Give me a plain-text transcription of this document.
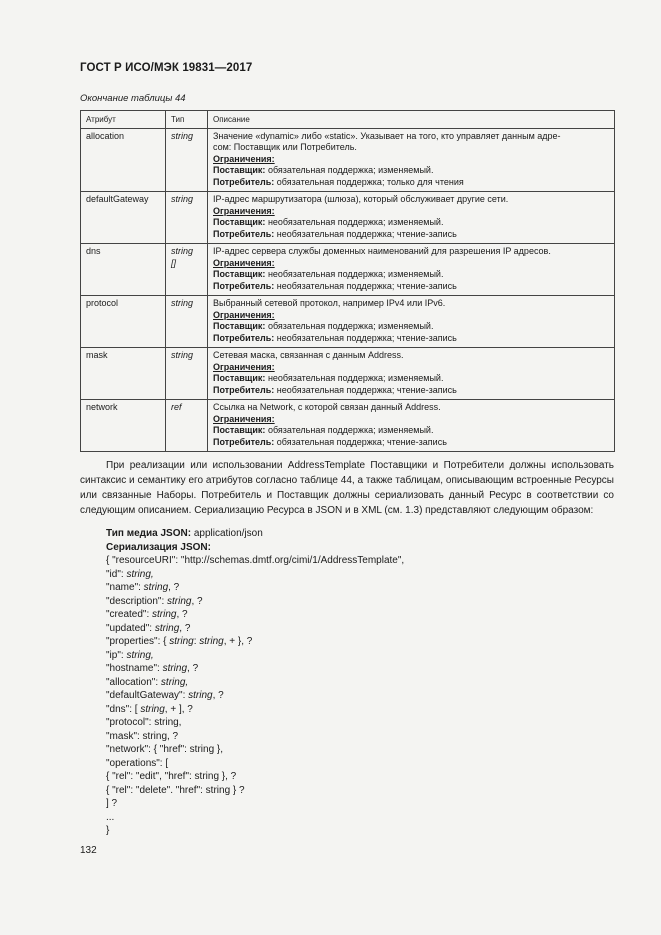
ГОСТ Р ИСО/МЭК 19831—2017
Окончание таблицы 44
Атрибут	Тип	Описание
allocation	string	Значение «dynamic» либо «static». Указывает на того, кто управляет данным адре-
сом: Поставщик или Потребитель.
Ограничения:
Поставщик: обязательная поддержка; изменяемый.
Потребитель: обязательная поддержка; только для чтения

defaultGateway	string	IP-адрес маршрутизатора (шлюза), который обслуживает другие сети.
Ограничения:
Поставщик: необязательная поддержка; изменяемый.
Потребитель: необязательная поддержка; чтение-запись

dns	string []	IP-адрес сервера службы доменных наименований для разрешения IP адресов.
Ограничения:
Поставщик: необязательная поддержка; изменяемый.
Потребитель: необязательная поддержка; чтение-запись

protocol	string	Выбранный сетевой протокол, например IPv4 или IPv6.
Ограничения:
Поставщик: обязательная поддержка; изменяемый.
Потребитель: необязательная поддержка; чтение-запись

mask	string	Сетевая маска, связанная с данным Address.
Ограничения:
Поставщик: необязательная поддержка; изменяемый.
Потребитель: необязательная поддержка; чтение-запись

network	ref	Ссылка на Network, с которой связан данный Address.
Ограничения:
Поставщик: обязательная поддержка; изменяемый.
Потребитель: обязательная поддержка; чтение-запись

При реализации или использовании AddressTemplate Поставщики и Потребители должны использовать синтаксис и семантику его атрибутов согласно таблице 44, а также таблицам, описывающим встроенные Ресурсы или связанные Наборы. Потребитель и Поставщик должны сериализовать данный Ресурс в соответствии со следующим описанием. Сериализацию Ресурса в JSON и в XML (см. 1.3) представляют следующим образом:

Тип медиа JSON: application/json
Сериализация JSON:
{ "resourceURI": "http://schemas.dmtf.org/cimi/1/AddressTemplate",
"id": string,
"name": string, ?
"description": string, ?
"created": string, ?
"updated": string, ?
"properties": { string: string, + }, ?
"ip": string,
"hostname": string, ?
"allocation": string,
"defaultGateway": string, ?
"dns": [ string, + ], ?
"protocol": string,
"mask": string, ?
"network": { "href": string },
"operations": [
{ "rel": "edit", "href": string }, ?
{ "rel": "delete". "href": string } ?
] ?
...
}
132
